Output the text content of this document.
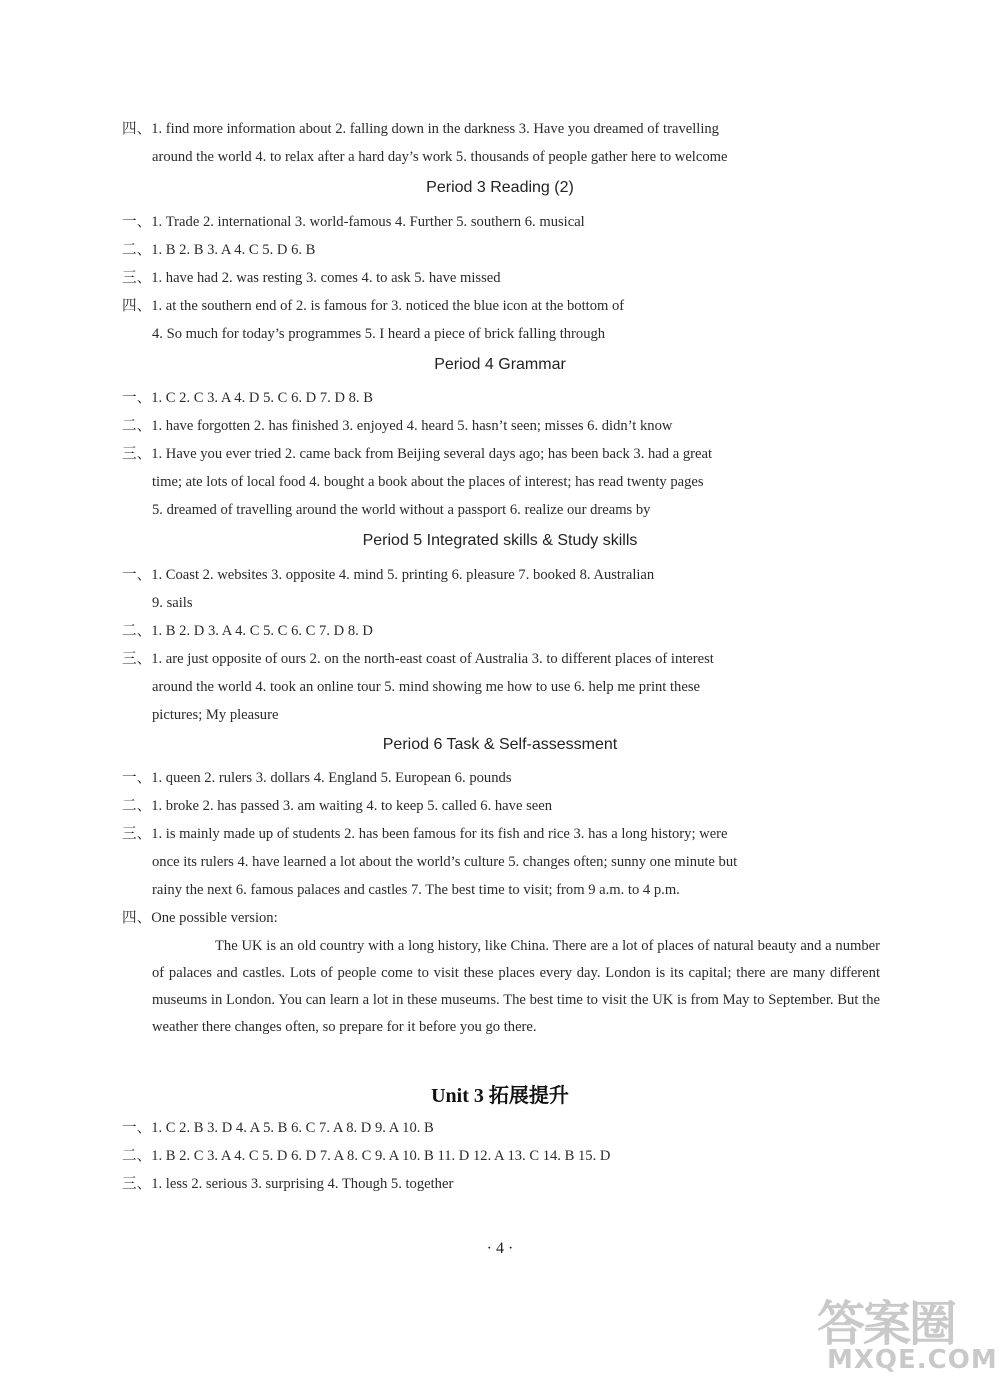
四、1. find more information about 2. falling down in the darkness 3. Have you dreamed of travelling
around the world 4. to relax after a hard day’s work 5. thousands of people gather here to welcome
Period 3 Reading (2)
一、1. Trade 2. international 3. world-famous 4. Further 5. southern 6. musical
二、1. B 2. B 3. A 4. C 5. D 6. B
三、1. have had 2. was resting 3. comes 4. to ask 5. have missed
四、1. at the southern end of 2. is famous for 3. noticed the blue icon at the bottom of
4. So much for today’s programmes 5. I heard a piece of brick falling through
Period 4 Grammar
一、1. C 2. C 3. A 4. D 5. C 6. D 7. D 8. B
二、1. have forgotten 2. has finished 3. enjoyed 4. heard 5. hasn’t seen; misses 6. didn’t know
三、1. Have you ever tried 2. came back from Beijing several days ago; has been back 3. had a great
time; ate lots of local food 4. bought a book about the places of interest; has read twenty pages
5. dreamed of travelling around the world without a passport 6. realize our dreams by
Period 5 Integrated skills & Study skills
一、1. Coast 2. websites 3. opposite 4. mind 5. printing 6. pleasure 7. booked 8. Australian
9. sails
二、1. B 2. D 3. A 4. C 5. C 6. C 7. D 8. D
三、1. are just opposite of ours 2. on the north-east coast of Australia 3. to different places of interest
around the world 4. took an online tour 5. mind showing me how to use 6. help me print these
pictures; My pleasure
Period 6 Task & Self-assessment
一、1. queen 2. rulers 3. dollars 4. England 5. European 6. pounds
二、1. broke 2. has passed 3. am waiting 4. to keep 5. called 6. have seen
三、1. is mainly made up of students 2. has been famous for its fish and rice 3. has a long history; were
once its rulers 4. have learned a lot about the world’s culture 5. changes often; sunny one minute but
rainy the next 6. famous palaces and castles 7. The best time to visit; from 9 a.m. to 4 p.m.
四、One possible version:
The UK is an old country with a long history, like China. There are a lot of places of natural beauty and a number of palaces and castles. Lots of people come to visit these places every day. London is its capital; there are many different museums in London. You can learn a lot in these museums. The best time to visit the UK is from May to September. But the weather there changes often, so prepare for it before you go there.
Unit 3 拓展提升
一、1. C 2. B 3. D 4. A 5. B 6. C 7. A 8. D 9. A 10. B
二、1. B 2. C 3. A 4. C 5. D 6. D 7. A 8. C 9. A 10. B 11. D 12. A 13. C 14. B 15. D
三、1. less 2. serious 3. surprising 4. Though 5. together
· 4 ·
答案圈
MXQE.COM
